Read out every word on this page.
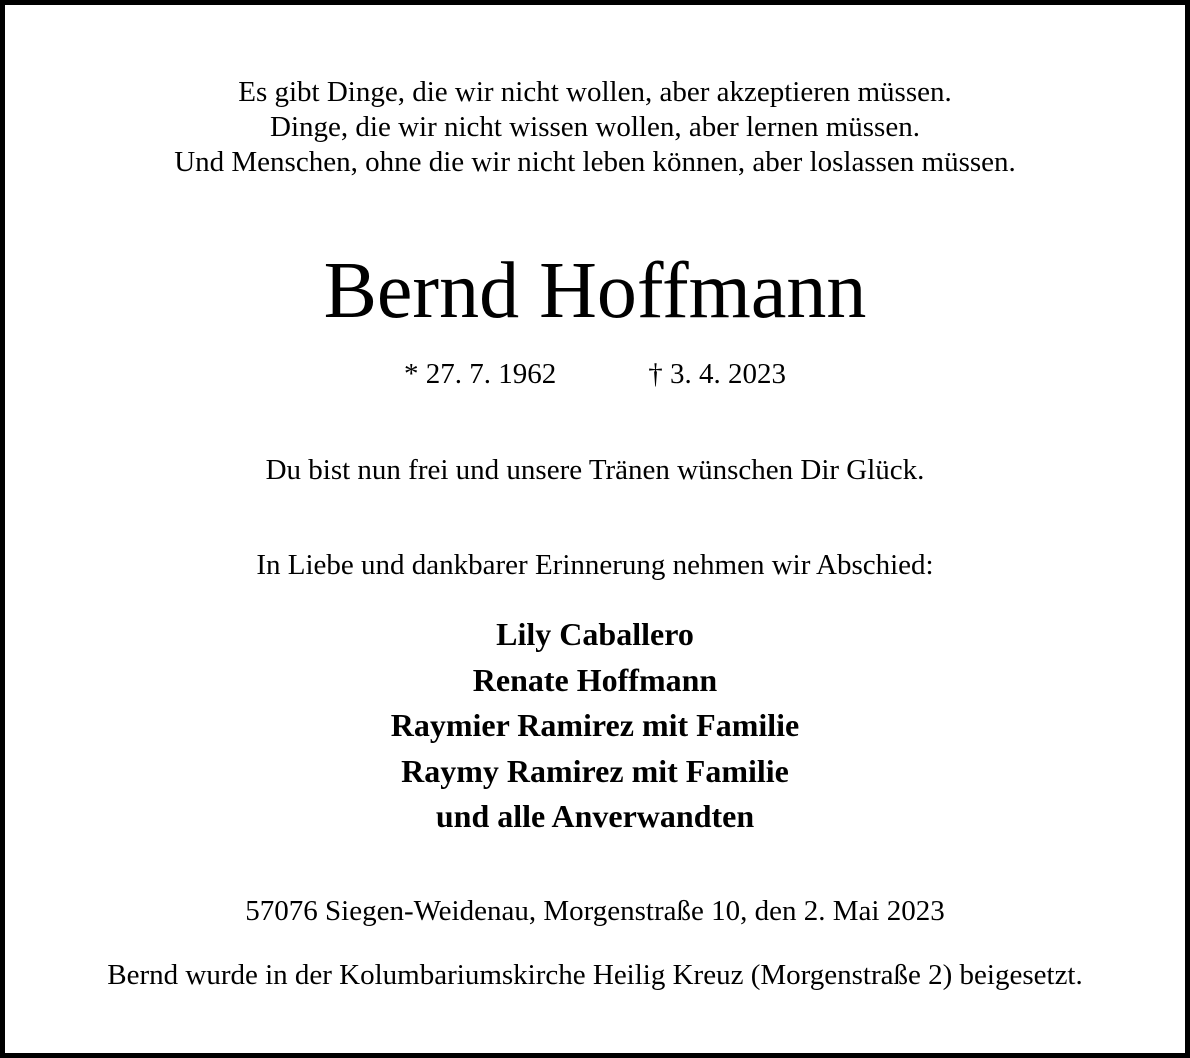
Es gibt Dinge, die wir nicht wollen, aber akzeptieren müssen.

Dinge, die wir nicht wissen wollen, aber lernen müssen.

Und Menschen, ohne die wir nicht leben können, aber loslassen müssen.

Bernd Hoffmann
* 27. 7. 1962	† 3. 4. 2023

Du bist nun frei und unsere Tränen wünschen Dir Glück.

In Liebe und dankbarer Erinnerung nehmen wir Abschied:

Lily Caballero
Renate Hoffmann
Raymier Ramirez mit Familie
Raymy Ramirez mit Familie
und alle Anverwandten

57076 Siegen-Weidenau, Morgenstraße 10, den 2. Mai 2023

Bernd wurde in der Kolumbariumskirche Heilig Kreuz (Morgenstraße 2) beigesetzt.
